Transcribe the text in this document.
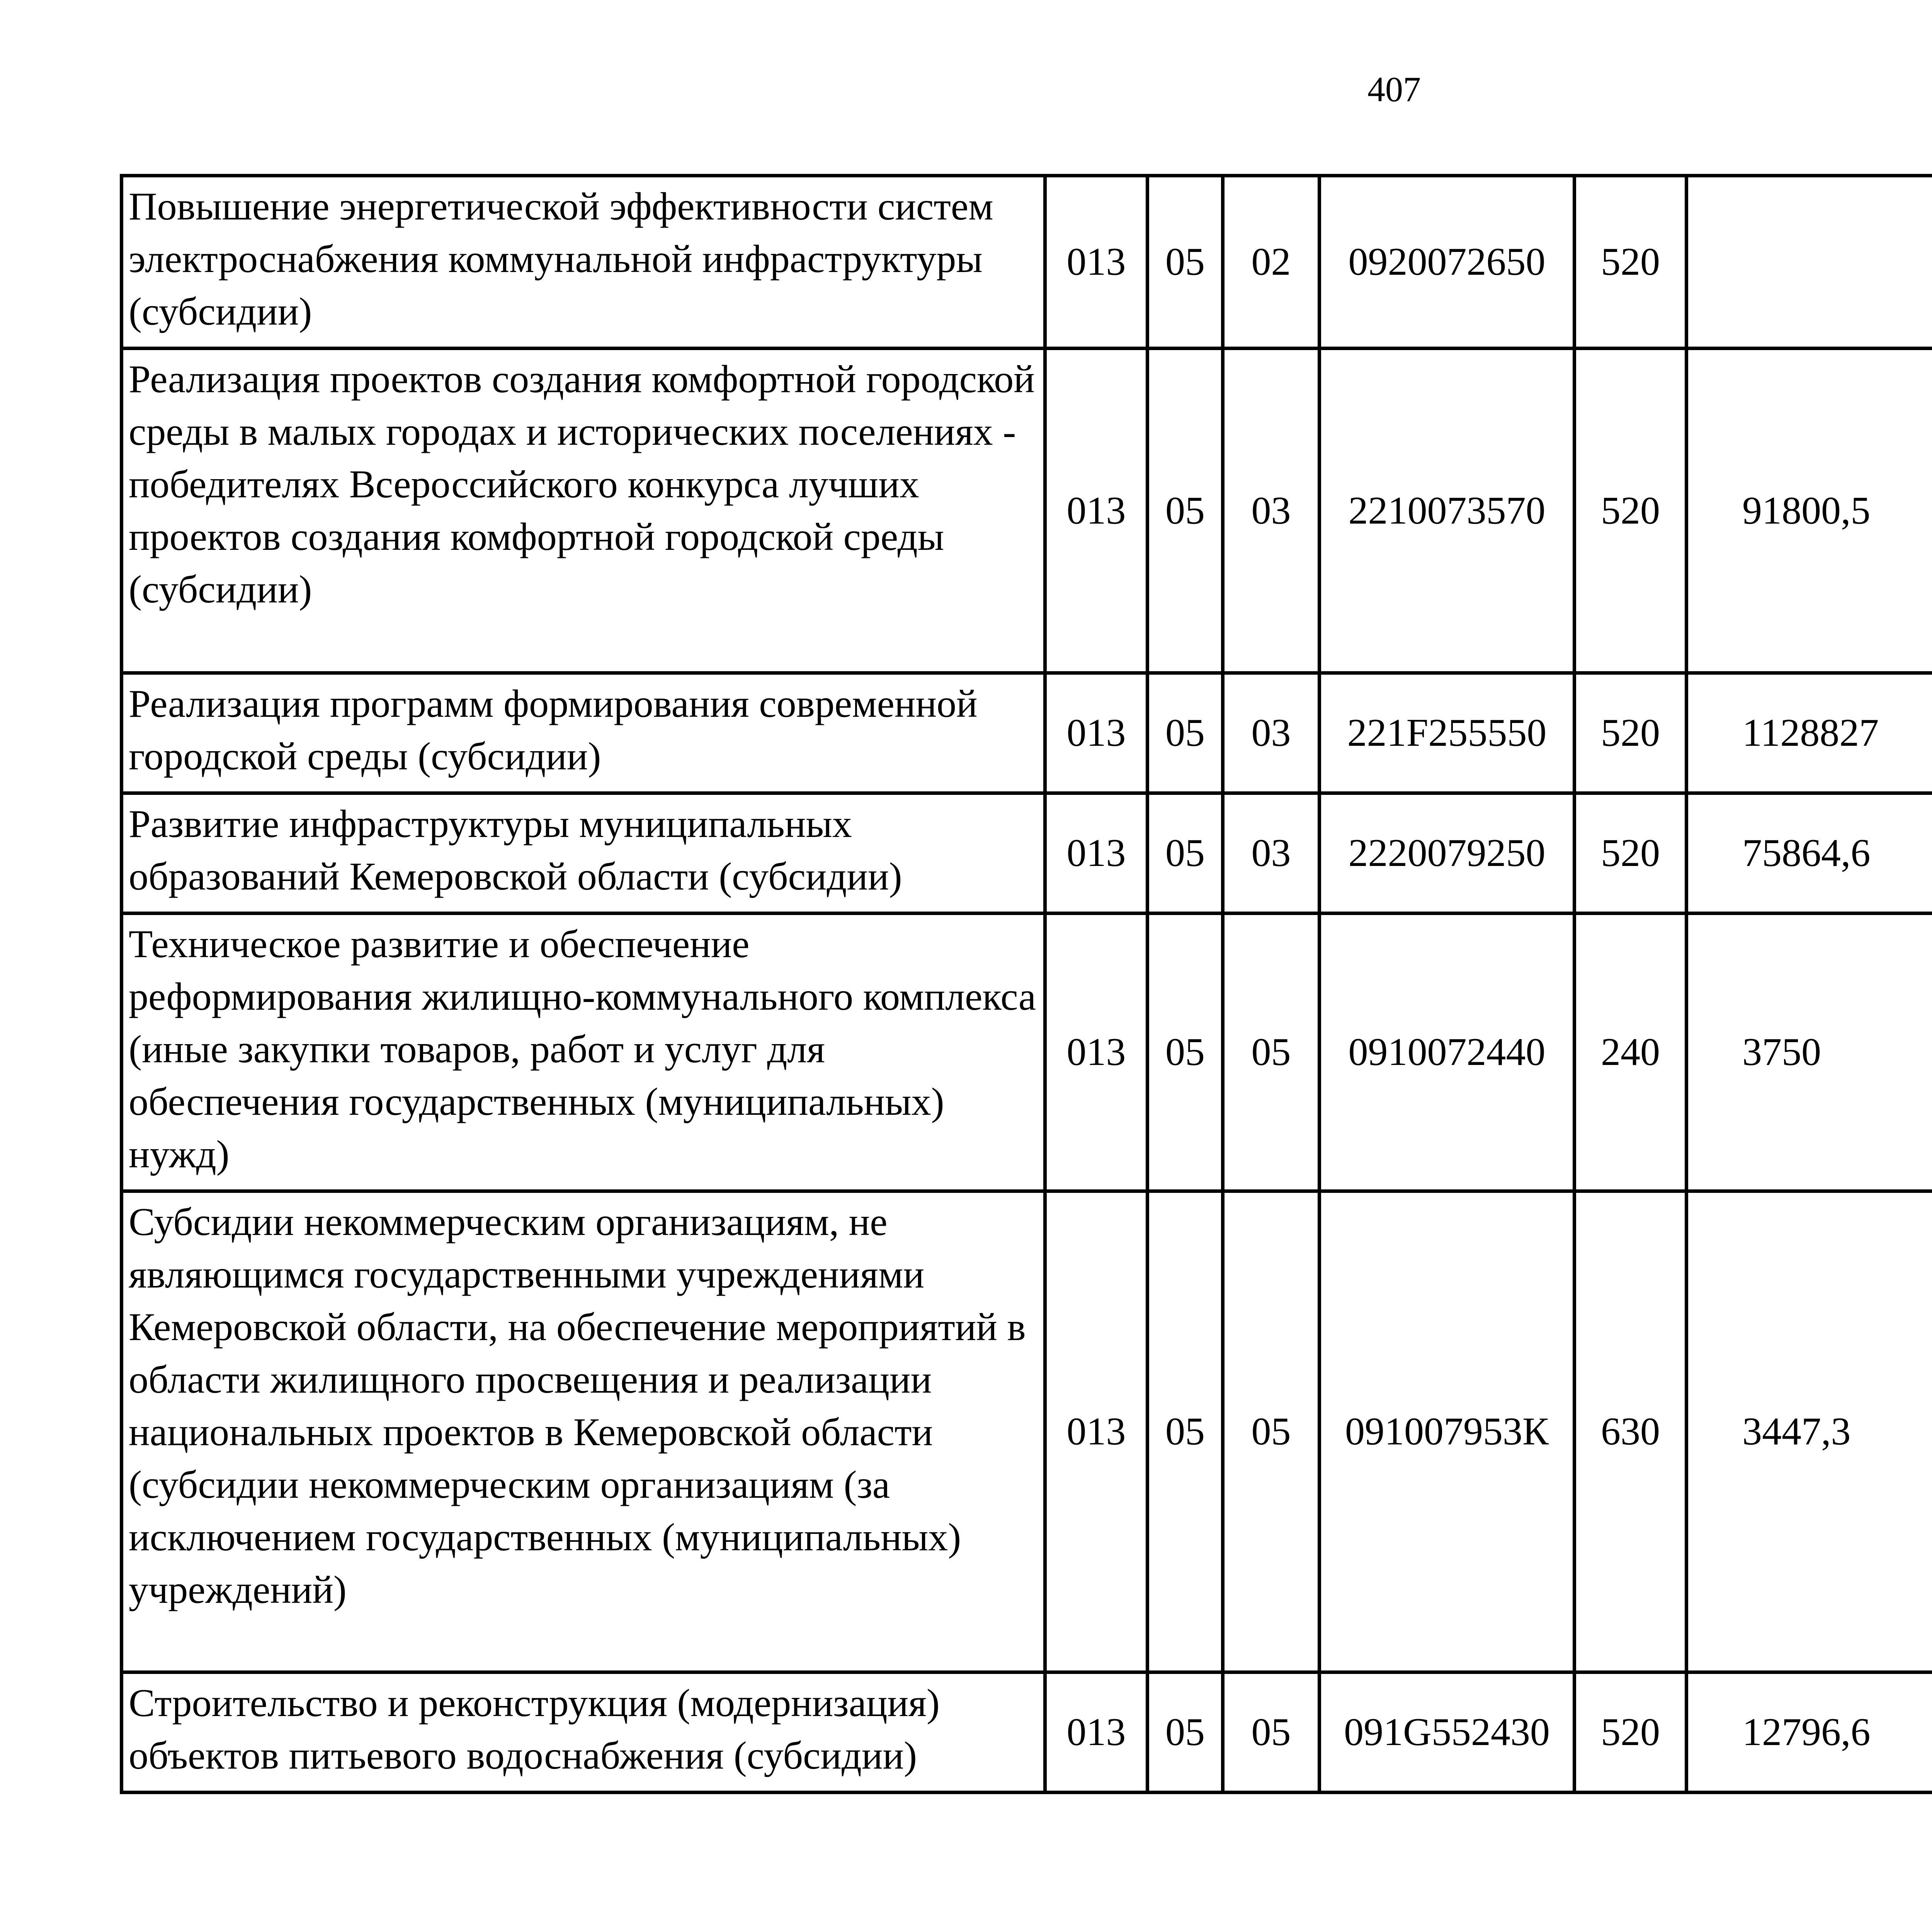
407
Повышение энергетической эффективности систем электроснабжения коммунальной инфраструктуры (субсидии)	013	05	02	0920072650	520			
Реализация проектов создания комфортной городской среды в малых городах и исторических поселениях - победителях Всероссийского конкурса лучших проектов создания комфортной городской среды (субсидии)	013	05	03	2210073570	520	91800,5		
Реализация программ формирования современной городской среды (субсидии)	013	05	03	221F255550	520	1128827		
Развитие инфраструктуры муниципальных образований Кемеровской области (субсидии)	013	05	03	2220079250	520	75864,6		
Техническое развитие и обеспечение реформирования жилищно-коммунального комплекса (иные закупки товаров, работ и услуг для обеспечения государственных (муниципальных) нужд)	013	05	05	0910072440	240	3750		
Субсидии некоммерческим организациям, не являющимся государственными учреждениями Кемеровской области, на обеспечение мероприятий в области жилищного просвещения и реализации национальных проектов в Кемеровской области (субсидии некоммерческим организациям (за исключением государственных (муниципальных) учреждений)	013	05	05	091007953К	630	3447,3		
Строительство и реконструкция (модернизация) объектов питьевого водоснабжения (субсидии)	013	05	05	091G552430	520	12796,6		
